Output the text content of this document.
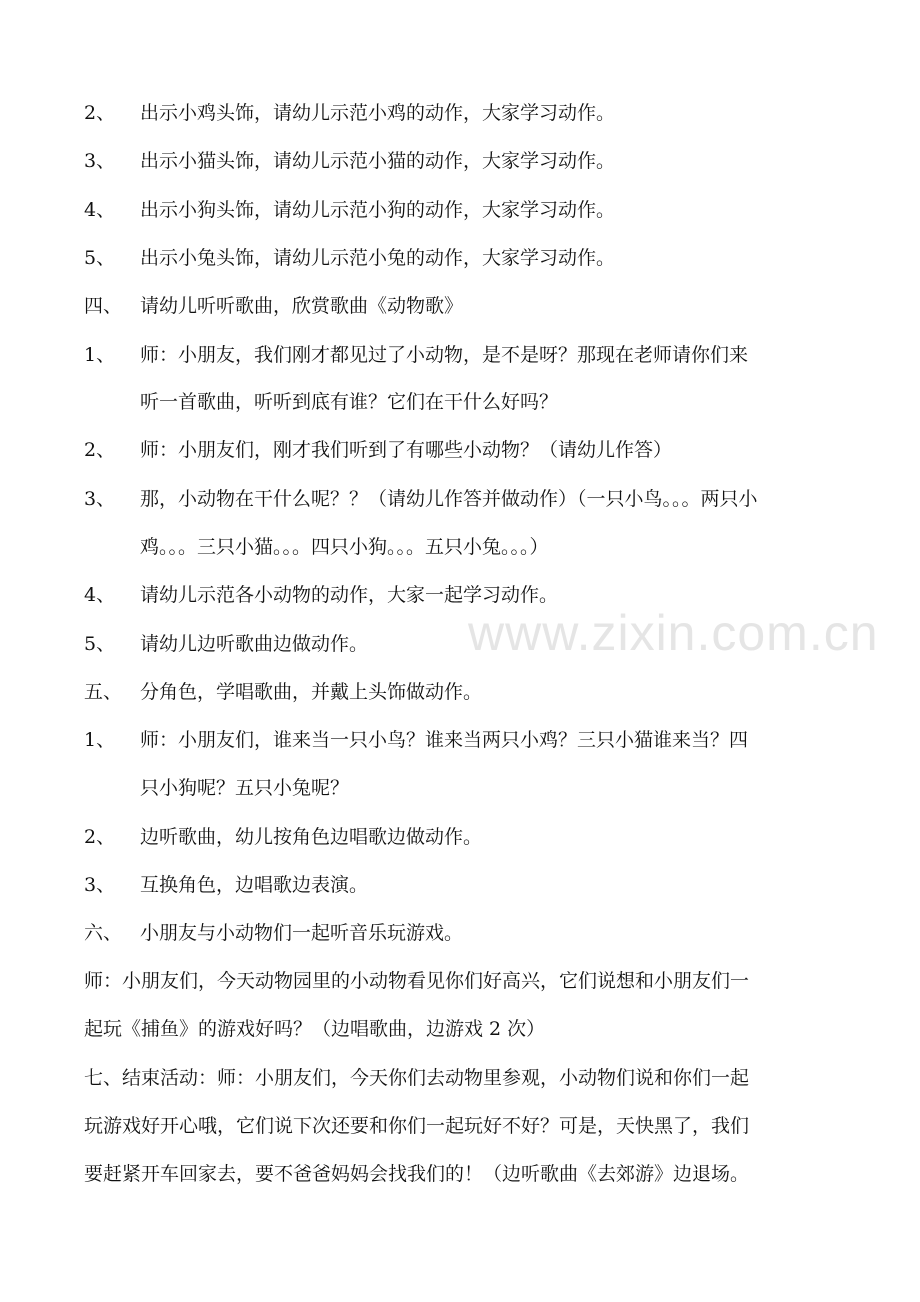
2、 出示小鸡头饰，请幼儿示范小鸡的动作，大家学习动作。
3、 出示小猫头饰，请幼儿示范小猫的动作，大家学习动作。
4、 出示小狗头饰，请幼儿示范小狗的动作，大家学习动作。
5、 出示小兔头饰，请幼儿示范小兔的动作，大家学习动作。
四、 请幼儿听听歌曲，欣赏歌曲《动物歌》
1、 师：小朋友，我们刚才都见过了小动物，是不是呀？那现在老师请你们来
听一首歌曲，听听到底有谁？它们在干什么好吗？
2、 师：小朋友们，刚才我们听到了有哪些小动物？（请幼儿作答）
3、 那，小动物在干什么呢？？（请幼儿作答并做动作）（一只小鸟。。。两只小
鸡。。。三只小猫。。。四只小狗。。。五只小兔。。。）
4、 请幼儿示范各小动物的动作，大家一起学习动作。
5、 请幼儿边听歌曲边做动作。
五、 分角色，学唱歌曲，并戴上头饰做动作。
1、 师：小朋友们，谁来当一只小鸟？谁来当两只小鸡？三只小猫谁来当？四
只小狗呢？五只小兔呢？
2、 边听歌曲，幼儿按角色边唱歌边做动作。
3、 互换角色，边唱歌边表演。
六、 小朋友与小动物们一起听音乐玩游戏。
师：小朋友们，今天动物园里的小动物看见你们好高兴，它们说想和小朋友们一
起玩《捕鱼》的游戏好吗？（边唱歌曲，边游戏 2 次）
七、结束活动：师：小朋友们，今天你们去动物里参观，小动物们说和你们一起
玩游戏好开心哦，它们说下次还要和你们一起玩好不好？可是，天快黑了，我们
要赶紧开车回家去，要不爸爸妈妈会找我们的！（边听歌曲《去郊游》边退场。
www.zixin.com.cn
